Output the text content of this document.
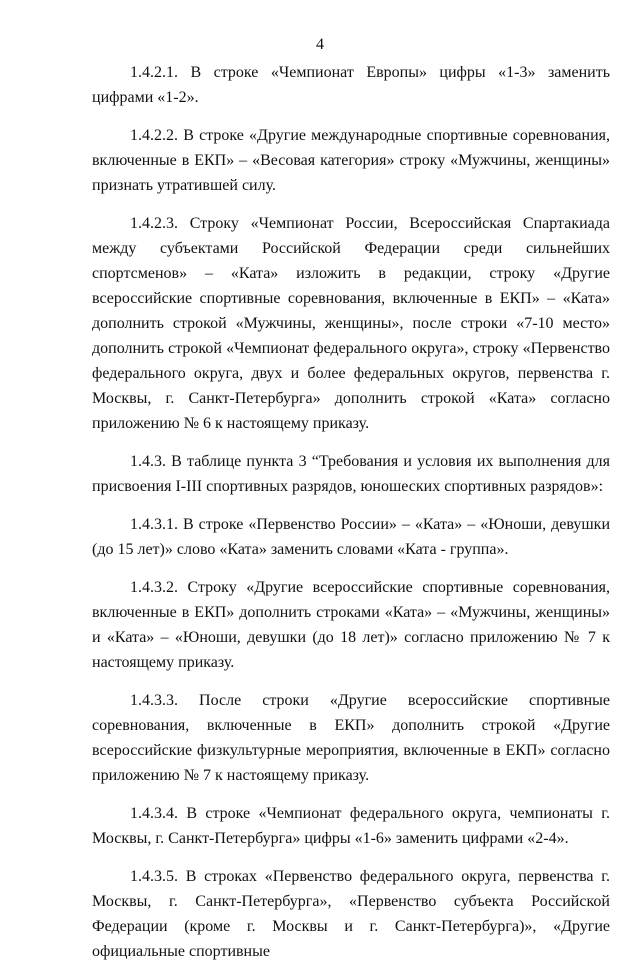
4

1.4.2.1. В строке «Чемпионат Европы» цифры «1-3» заменить цифрами «1-2».

1.4.2.2. В строке «Другие международные спортивные соревнования, включенные в ЕКП» – «Весовая категория» строку «Мужчины, женщины» признать утратившей силу.

1.4.2.3. Строку «Чемпионат России, Всероссийская Спартакиада между субъектами Российской Федерации среди сильнейших спортсменов» – «Ката» изложить в редакции, строку «Другие всероссийские спортивные соревнования, включенные в ЕКП» – «Ката» дополнить строкой «Мужчины, женщины», после строки «7-10 место» дополнить строкой «Чемпионат федерального округа», строку «Первенство федерального округа, двух и более федеральных округов, первенства г. Москвы, г. Санкт-Петербурга» дополнить строкой «Ката» согласно приложению № 6 к настоящему приказу.

1.4.3. В таблице пункта 3 “Требования и условия их выполнения для присвоения I-III спортивных разрядов, юношеских спортивных разрядов»:

1.4.3.1. В строке «Первенство России» – «Ката» – «Юноши, девушки (до 15 лет)» слово «Ката» заменить словами «Ката - группа».

1.4.3.2. Строку «Другие всероссийские спортивные соревнования, включенные в ЕКП» дополнить строками «Ката» – «Мужчины, женщины» и «Ката» – «Юноши, девушки (до 18 лет)» согласно приложению № 7 к настоящему приказу.

1.4.3.3. После строки «Другие всероссийские спортивные соревнования, включенные в ЕКП» дополнить строкой «Другие всероссийские физкультурные мероприятия, включенные в ЕКП» согласно приложению № 7 к настоящему приказу.

1.4.3.4. В строке «Чемпионат федерального округа, чемпионаты г. Москвы, г. Санкт-Петербурга» цифры «1-6» заменить цифрами «2-4».

1.4.3.5. В строках «Первенство федерального округа, первенства г. Москвы, г. Санкт-Петербурга», «Первенство субъекта Российской Федерации (кроме г. Москвы и г. Санкт-Петербурга)», «Другие официальные спортивные
